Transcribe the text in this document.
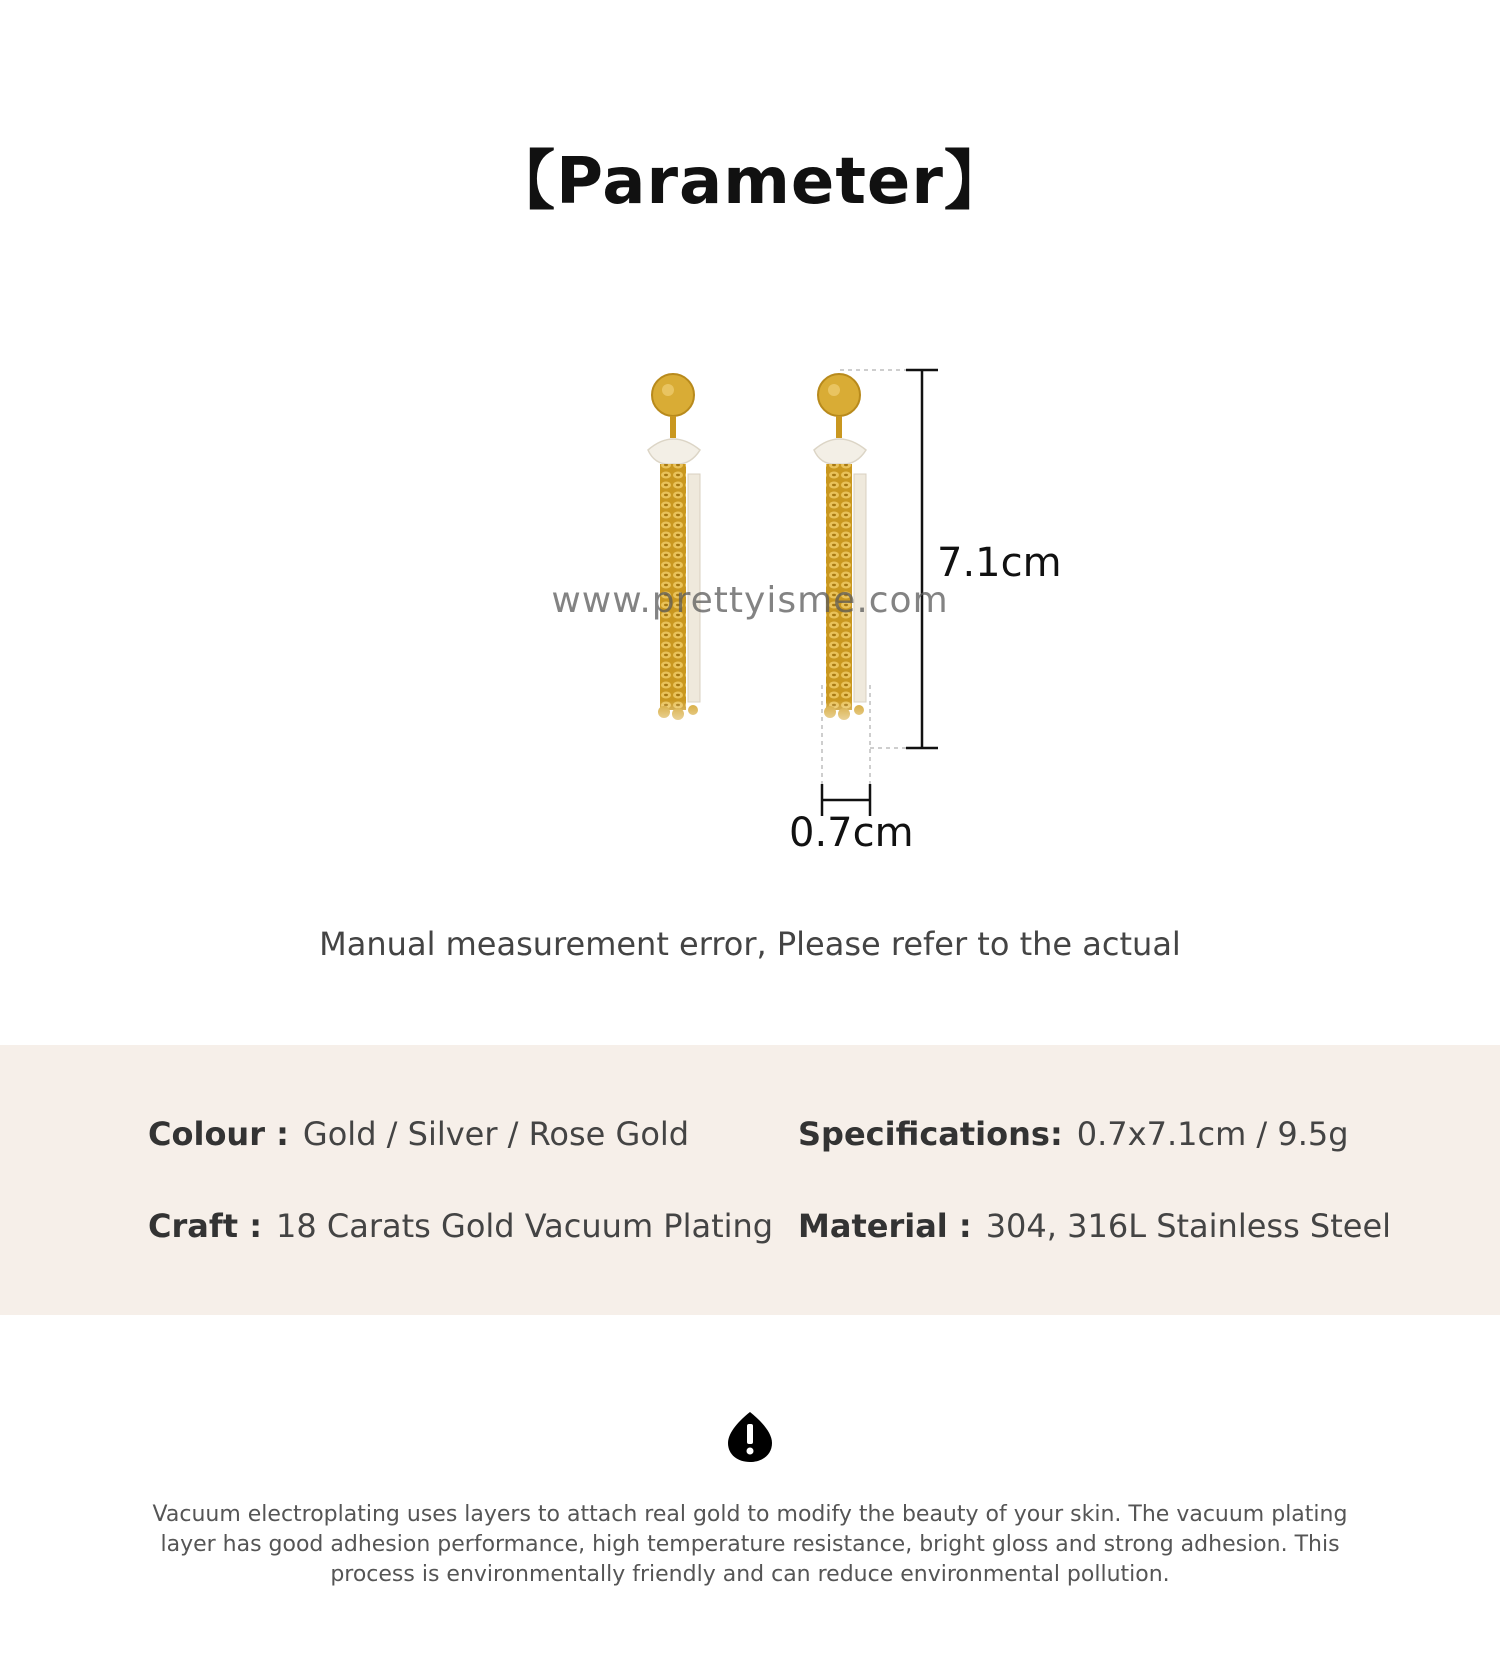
【Parameter】
7.1cm
0.7cm
www.prettyisme.com
Manual measurement error, Please refer to the actual
Colour : Gold / Silver / Rose Gold	Specifications: 0.7x7.1cm / 9.5g
Craft : 18 Carats Gold Vacuum Plating Material : 304, 316L Stainless Steel
Vacuum electroplating uses layers to attach real gold to modify the beauty of your skin. The vacuum plating layer has good adhesion performance, high temperature resistance, bright gloss and strong adhesion. This process is environmentally friendly and can reduce environmental pollution.
